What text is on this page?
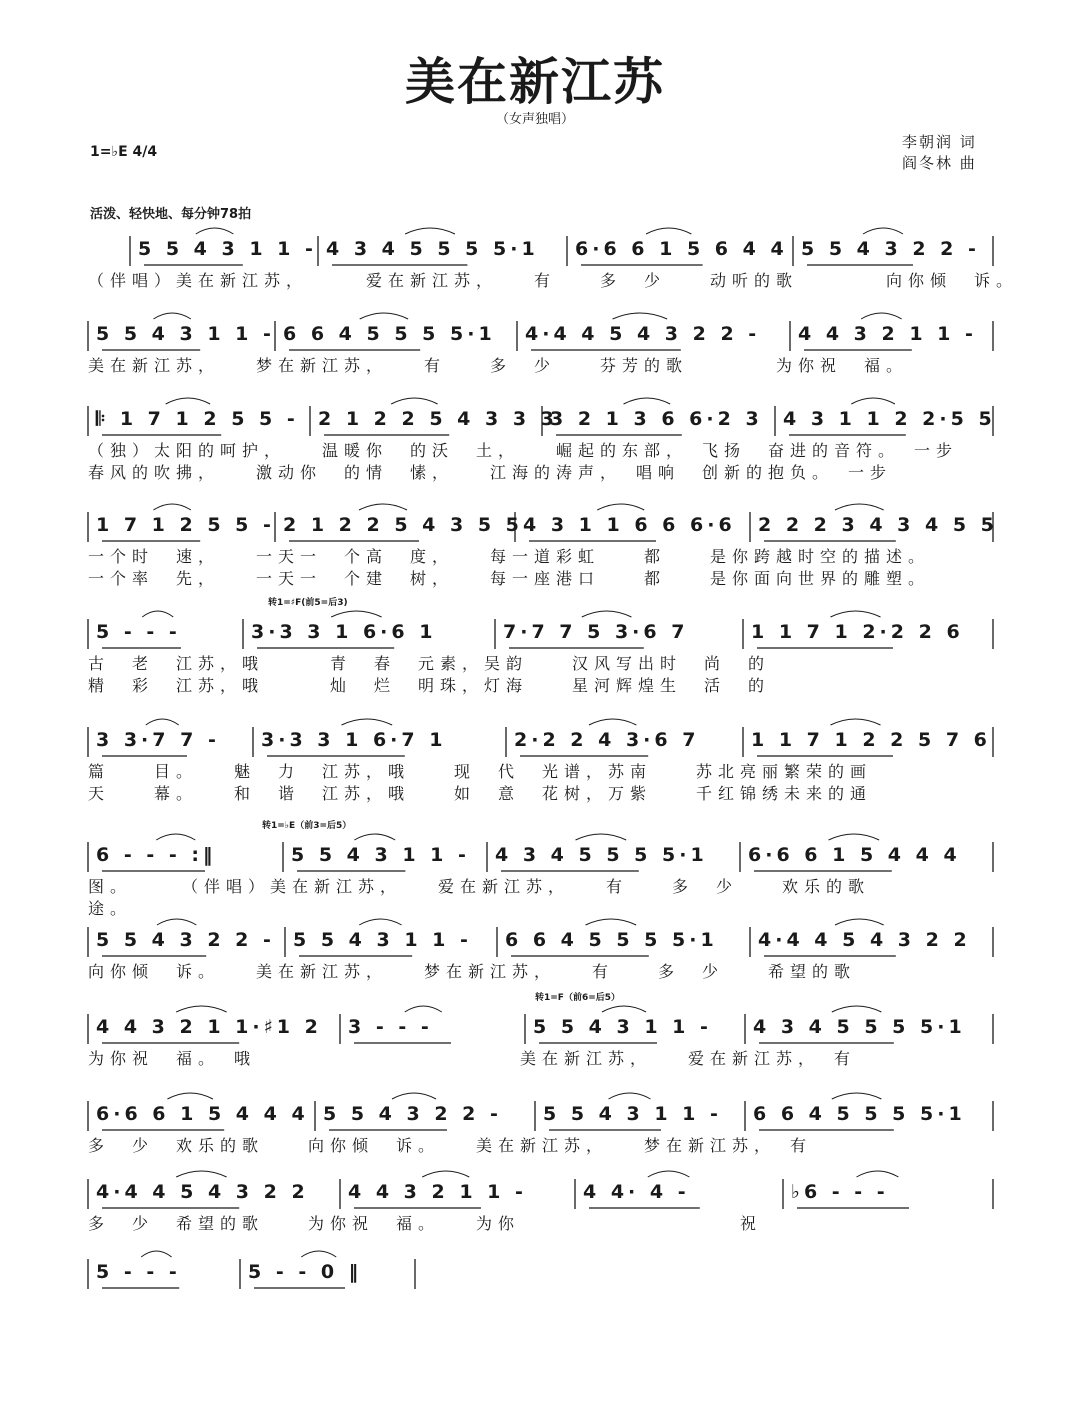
美在新江苏
（女声独唱）
李朝润 词
阎冬林 曲
1=♭E 4/4
活泼、轻快地、每分钟78拍
5 5 4 3 1 1 - 4 3 4 5 5 5 5·1 6·6 6 1 5 6 4 4 5 5 4 3 2 2 -
（伴唱）美在新江苏，　　　爱在新江苏，　　有　　多　少　　动听的歌　　　　向你倾　诉。
5 5 4 3 1 1 - 6 6 4 5 5 5 5·1 4·4 4 5 4 3 2 2 - 4 4 3 2 1 1 -
美在新江苏，　　梦在新江苏，　　有　　多　少　　芬芳的歌　　　　为你祝　福。
𝄆 1 7 1 2 5 5 - 2 1 2 2 5 4 3 3 3
3 2 1 3 6 6·2 3 4 3 1 1 2 2·5 5
（独）太阳的呵护，　　温暖你　的沃　土，　　崛起的东部，　飞扬　奋进的音符。　一步
春风的吹拂，　　激动你　的情　愫，　　江海的涛声，　唱响　创新的抱负。　一步
1 7 1 2 5 5 - 2 1 2 2 5 4 3 5 5 4 3 1 1 6 6 6·6 2 2 2 3 4 3 4 5 5
一个时　速，　　一天一　个高　度，　　每一道彩虹　　都　　是你跨越时空的描述。
一个率　先，　　一天一　个建　树，　　每一座港口　　都　　是你面向世界的雕塑。
转1=♯F(前5=后3)
5 - - -	3·3 3 1 6·6 1	7·7 7 5 3·6 7	1 1 7 1 2·2 2 6
古　老　江苏，哦　　　青　春　元素，吴韵　　汉风写出时　尚　的
精　彩　江苏，哦　　　灿　烂　明珠，灯海　　星河辉煌生　活　的
3 3·7 7 - 3·3 3 1 6·7 1	2·2 2 4 3·6 7	1 1 7 1 2 2 5 7 6
篇　　目。　　魅　力　江苏，哦　　现　代　光谱，苏南　　苏北亮丽繁荣的画
天　　幕。　　和　谐　江苏，哦　　如　意　花树，万紫　　千红锦绣未来的通
转1=♭E（前3=后5）
6 - - - :‖	5 5 4 3 1 1 - 4 3 4 5 5 5 5·1 6·6 6 1 5 4 4 4
图。　　　（伴唱）美在新江苏，　　爱在新江苏，　　有　　多　少　　欢乐的歌
途。
5 5 4 3 2 2 - 5 5 4 3 1 1 - 6 6 4 5 5 5 5·1 4·4 4 5 4 3 2 2
向你倾　诉。　　美在新江苏，　　梦在新江苏，　　有　　多　少　　希望的歌
转1=F（前6=后5）
4 4 3 2 1 1·♯1 2 3 - - -	5 5 4 3 1 1 - 4 3 4 5 5 5 5·1
为你祝　福。　哦　　　　　　　　　　　　美在新江苏，　　爱在新江苏，　有
6·6 6 1 5 4 4 4 5 5 4 3 2 2 - 5 5 4 3 1 1 - 6 6 4 5 5 5 5·1
多　少　欢乐的歌　　向你倾　诉。　　美在新江苏，　　梦在新江苏，　有
4·4 4 5 4 3 2 2 4 4 3 2 1 1 -	4 4· 4 -	♭6 - - -
多　少　希望的歌　　为你祝　福。　　为你　　　　　　　　　　祝
5 - - -	5 - - 0 ‖
